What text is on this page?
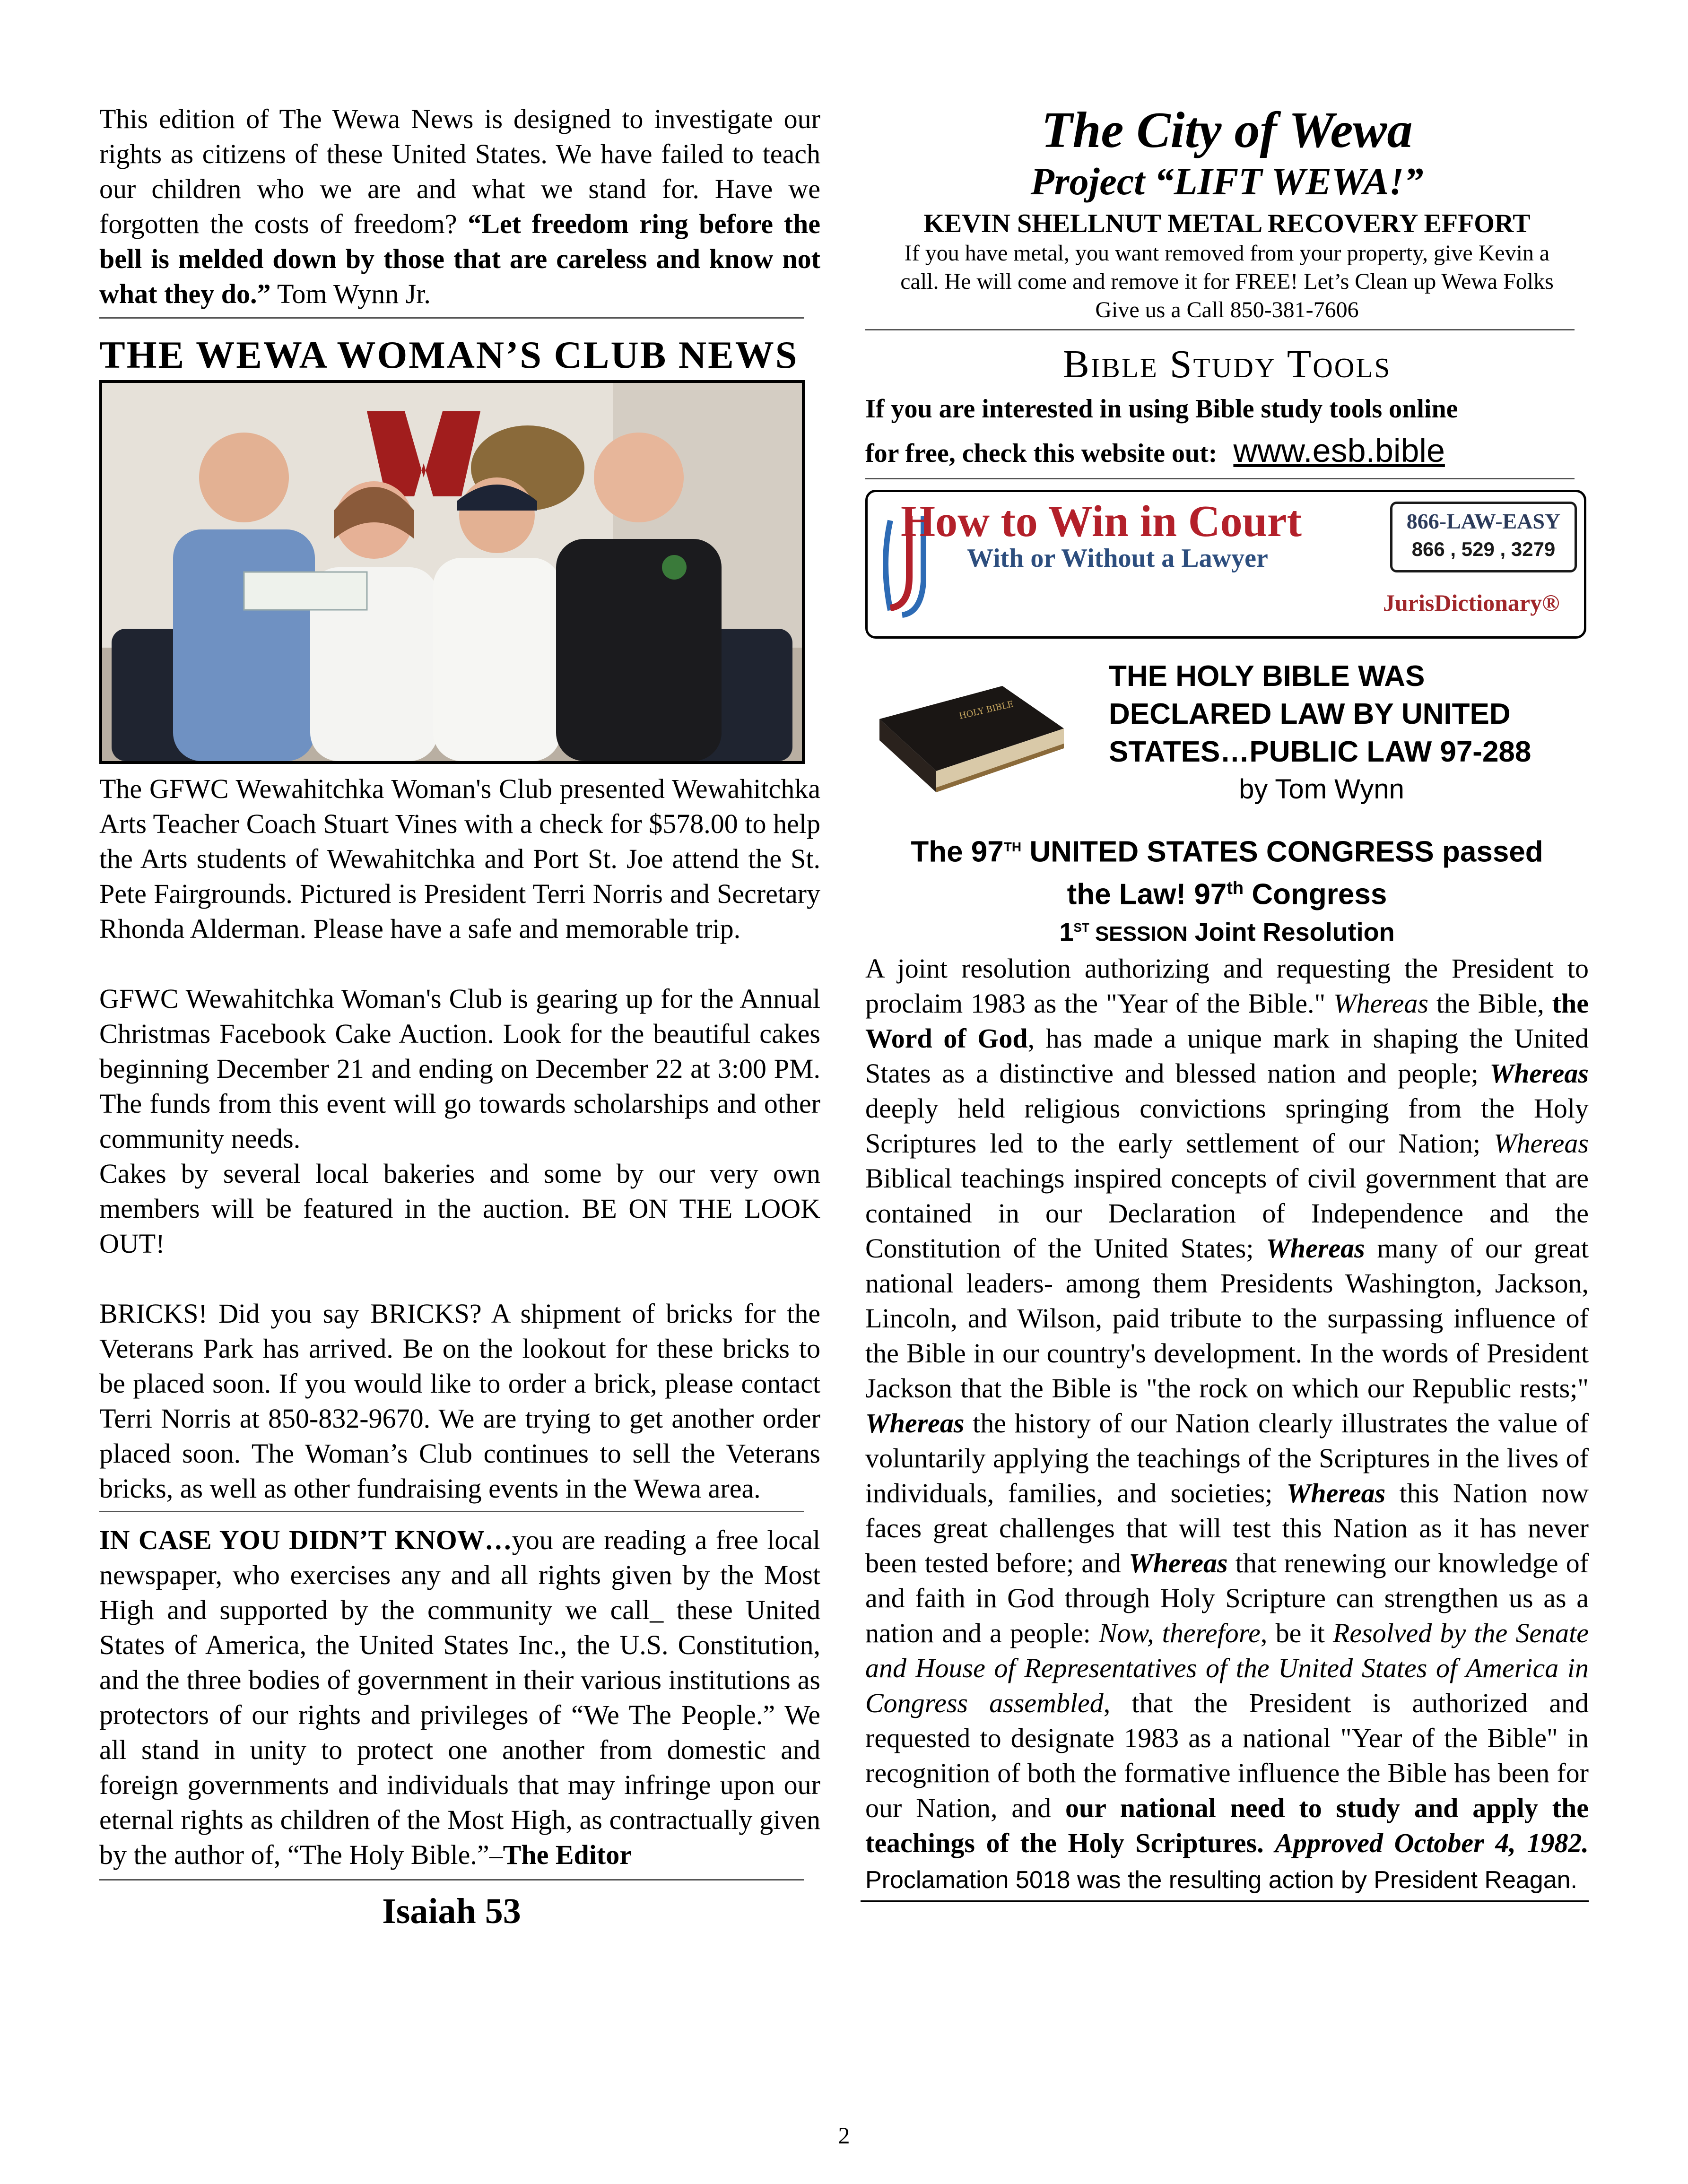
This edition of The Wewa News is designed to investigate our rights as citizens of these United States. We have failed to teach our children who we are and what we stand for. Have we forgotten the costs of freedom? “Let freedom ring before the bell is melded down by those that are careless and know not what they do.” Tom Wynn Jr.

THE WEWA WOMAN’S CLUB NEWS

The GFWC Wewahitchka Woman's Club presented Wewahitchka Arts Teacher Coach Stuart Vines with a check for $578.00 to help the Arts students of Wewahitchka and Port St. Joe attend the St. Pete Fairgrounds. Pictured is President Terri Norris and Secretary Rhonda Alderman. Please have a safe and memorable trip.

GFWC Wewahitchka Woman's Club is gearing up for the Annual Christmas Facebook Cake Auction. Look for the beautiful cakes beginning December 21 and ending on December 22 at 3:00 PM. The funds from this event will go towards scholarships and other community needs.

Cakes by several local bakeries and some by our very own members will be featured in the auction. BE ON THE LOOK OUT!

BRICKS! Did you say BRICKS? A shipment of bricks for the Veterans Park has arrived. Be on the lookout for these bricks to be placed soon. If you would like to order a brick, please contact Terri Norris at 850-832-9670. We are trying to get another order placed soon. The Woman’s Club continues to sell the Veterans bricks, as well as other fundraising events in the Wewa area.

IN CASE YOU DIDN’T KNOW…you are reading a free local newspaper, who exercises any and all rights given by the Most High and supported by the community we call_ these United States of America, the United States Inc., the U.S. Constitution, and the three bodies of government in their various institutions as protectors of our rights and privileges of “We The People.” We all stand in unity to protect one another from domestic and foreign governments and individuals that may infringe upon our eternal rights as children of the Most High, as contractually given by the author of, “The Holy Bible.”–The Editor

Isaiah 53
The City of Wewa
Project “LIFT WEWA!”
KEVIN SHELLNUT METAL RECOVERY EFFORT
If you have metal, you want removed from your property, give Kevin a
call. He will come and remove it for FREE! Let’s Clean up Wewa Folks
Give us a Call 850-381-7606
Bible Study Tools
If you are interested in using Bible study tools online
for free, check this website out: www.esb.bible
How to Win in Court
With or Without a Lawyer
866-LAW-EASY
866 , 529 , 3279
JurisDictionary®
HOLY BIBLE
THE HOLY BIBLE WAS
DECLARED LAW BY UNITED
STATES…PUBLIC LAW 97-288
by Tom Wynn
The 97TH UNITED STATES CONGRESS passed
the Law! 97th Congress
1ST SESSION Joint Resolution

A joint resolution authorizing and requesting the President to proclaim 1983 as the "Year of the Bible." Whereas the Bible, the Word of God, has made a unique mark in shaping the United States as a distinctive and blessed nation and people; Whereas deeply held religious convictions springing from the Holy Scriptures led to the early settlement of our Nation; Whereas Biblical teachings inspired concepts of civil government that are contained in our Declaration of Independence and the Constitution of the United States; Whereas many of our great national leaders- among them Presidents Washington, Jackson, Lincoln, and Wilson, paid tribute to the surpassing influence of the Bible in our country's development. In the words of President Jackson that the Bible is "the rock on which our Republic rests;" Whereas the history of our Nation clearly illustrates the value of voluntarily applying the teachings of the Scriptures in the lives of individuals, families, and societies; Whereas this Nation now faces great challenges that will test this Nation as it has never been tested before; and Whereas that renewing our knowledge of and faith in God through Holy Scripture can strengthen us as a nation and a people: Now, therefore, be it Resolved by the Senate and House of Representatives of the United States of America in Congress assembled, that the President is authorized and requested to designate 1983 as a national "Year of the Bible" in recognition of both the formative influence the Bible has been for our Nation, and our national need to study and apply the teachings of the Holy Scriptures. Approved October 4, 1982. Proclamation 5018 was the resulting action by President Reagan.

2
